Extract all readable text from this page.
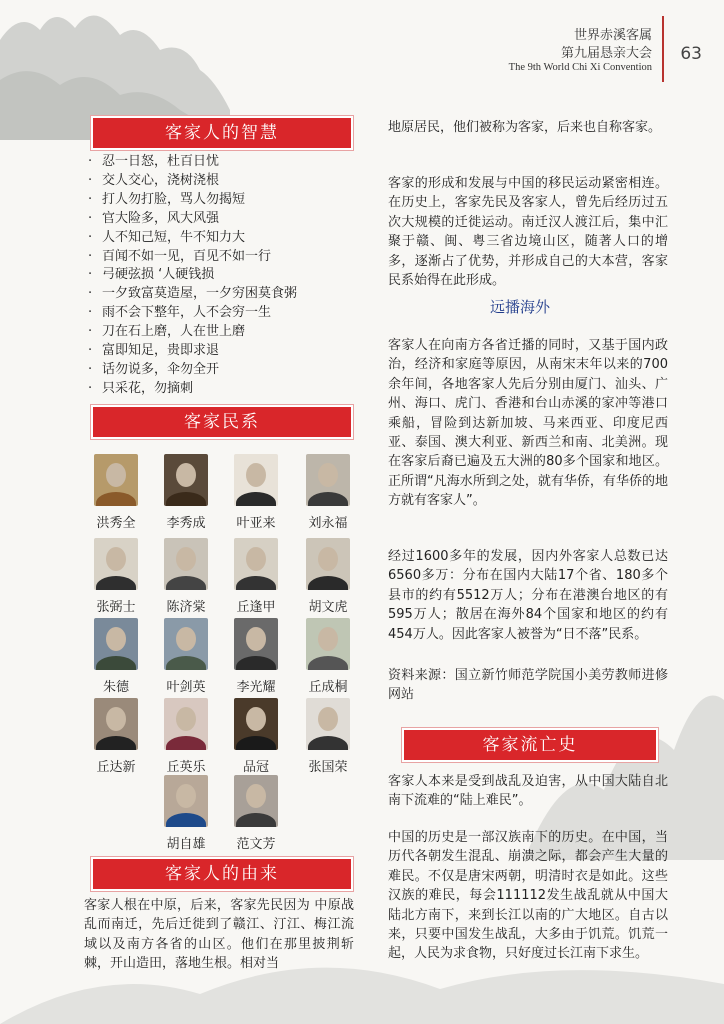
世界赤溪客属
第九届恳亲大会
The 9th World Chi Xi Convention
63
客家人的智慧
· 忍一日怒，杜百日忧
· 交人交心，浇树浇根
· 打人勿打脸，骂人勿揭短
· 官大险多，风大风强
· 人不知己短，牛不知力大
· 百闻不如一见，百见不如一行
· 弓硬弦损 ‘人硬钱损
· 一夕致富莫造屋，一夕穷困莫食粥
· 雨不会下整年，人不会穷一生
· 刀在石上磨，人在世上磨
· 富即知足，贵即求退
· 话勿说多，伞勿全开
· 只采花，勿摘刺
客家民系
洪秀全	李秀成	叶亚来	刘永福
张弼士	陈济棠	丘逢甲	胡文虎
朱德	叶剑英	李光耀	丘成桐
丘达新	丘英乐	品冠	张国荣
胡自雄	范文芳
客家人的由来

客家人根在中原，后来，客家先民因为 中原战乱而南迁，先后迁徙到了赣江、汀江、梅江流域以及南方各省的山区。他们在那里披荆斩棘，开山造田，落地生根。相对当

地原居民，他们被称为客家，后来也自称客家。

客家的形成和发展与中国的移民运动紧密相连。在历史上，客家先民及客家人，曾先后经历过五次大规模的迁徙运动。南迁汉人渡江后，集中汇聚于赣、闽、粤三省边境山区，随著人口的增多，逐渐占了优势，并形成自己的大本营，客家民系始得在此形成。

远播海外

客家人在向南方各省迁播的同时，又基于国内政治，经济和家庭等原因，从南宋末年以来的700余年间，各地客家人先后分别由厦门、汕头、广州、海口、虎门、香港和台山赤溪的家冲等港口乘船，冒险到达新加坡、马来西亚、印度尼西亚、泰国、澳大利亚、新西兰和南、北美洲。现在客家后裔已遍及五大洲的80多个国家和地区。正所谓“凡海水所到之处，就有华侨，有华侨的地方就有客家人”。

经过1600多年的发展，因内外客家人总数已达6560多万：分布在国内大陆17个省、180多个县市的约有5512万人；分布在港澳台地区的有595万人；散居在海外84个国家和地区的约有454万人。因此客家人被誉为“日不落”民系。

资料来源：国立新竹师范学院国小美劳教师进修网站

客家流亡史

客家人本来是受到战乱及迫害，从中国大陆自北南下流难的“陆上难民”。

中国的历史是一部汉族南下的历史。在中国，当历代各朝发生混乱、崩溃之际，都会产生大量的难民。不仅是唐宋两朝，明清时衣是如此。这些汉族的难民，每会111112发生战乱就从中国大陆北方南下，来到长江以南的广大地区。自古以来，只要中国发生战乱，大多由于饥荒。饥荒一起，人民为求食物，只好度过长江南下求生。
